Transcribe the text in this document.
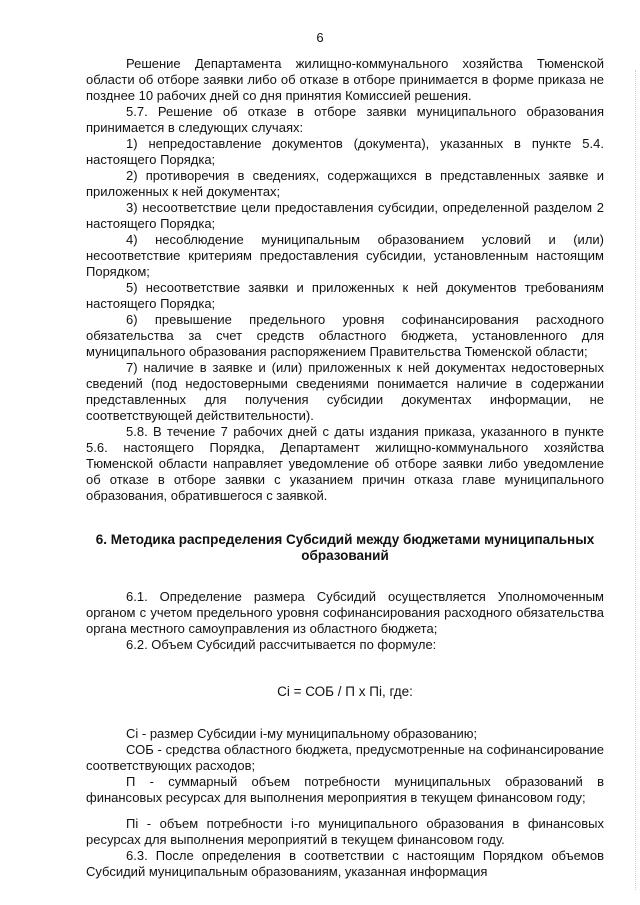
6

Решение Департамента жилищно-коммунального хозяйства Тюменской области об отборе заявки либо об отказе в отборе принимается в форме приказа не позднее 10 рабочих дней со дня принятия Комиссией решения.

5.7. Решение об отказе в отборе заявки муниципального образования принимается в следующих случаях:

1) непредоставление документов (документа), указанных в пункте 5.4. настоящего Порядка;

2) противоречия в сведениях, содержащихся в представленных заявке и приложенных к ней документах;

3) несоответствие цели предоставления субсидии, определенной разделом 2 настоящего Порядка;

4) несоблюдение муниципальным образованием условий и (или) несоответствие критериям предоставления субсидии, установленным настоящим Порядком;

5) несоответствие заявки и приложенных к ней документов требованиям настоящего Порядка;

6) превышение предельного уровня софинансирования расходного обязательства за счет средств областного бюджета, установленного для муниципального образования распоряжением Правительства Тюменской области;

7) наличие в заявке и (или) приложенных к ней документах недостоверных сведений (под недостоверными сведениями понимается наличие в содержании представленных для получения субсидии документах информации, не соответствующей действительности).

5.8. В течение 7 рабочих дней с даты издания приказа, указанного в пункте 5.6. настоящего Порядка, Департамент жилищно-коммунального хозяйства Тюменской области направляет уведомление об отборе заявки либо уведомление об отказе в отборе заявки с указанием причин отказа главе муниципального образования, обратившегося с заявкой.

6. Методика распределения Субсидий между бюджетами муниципальных образований

6.1. Определение размера Субсидий осуществляется Уполномоченным органом с учетом предельного уровня софинансирования расходного обязательства органа местного самоуправления из областного бюджета;

6.2. Объем Субсидий рассчитывается по формуле:

Сi = СОБ / П х Пi, где:

Сi - размер Субсидии i-му муниципальному образованию;

СОБ - средства областного бюджета, предусмотренные на софинансирование соответствующих расходов;

П - суммарный объем потребности муниципальных образований в финансовых ресурсах для выполнения мероприятия в текущем финансовом году;

Пi - объем потребности i-го муниципального образования в финансовых ресурсах для выполнения мероприятий в текущем финансовом году.

6.3. После определения в соответствии с настоящим Порядком объемов Субсидий муниципальным образованиям, указанная информация
